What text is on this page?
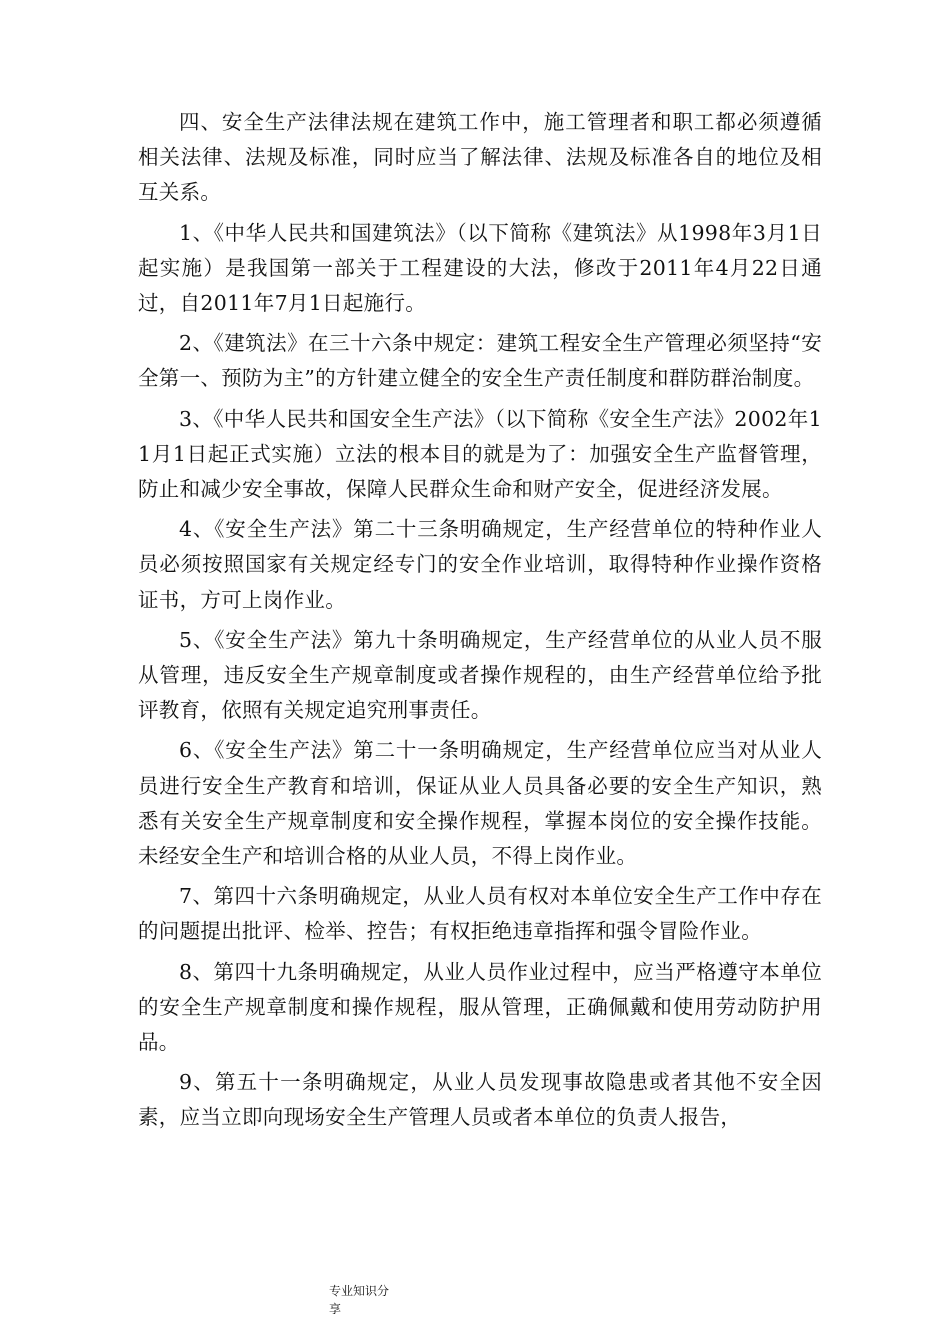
四、安全生产法律法规在建筑工作中，施工管理者和职工都必须遵循相关法律、法规及标准，同时应当了解法律、法规及标准各自的地位及相互关系。

1、《中华人民共和国建筑法》（以下简称《建筑法》从1998年3月1日起实施）是我国第一部关于工程建设的大法，修改于2011年4月22日通过，自2011年7月1日起施行。

2、《建筑法》在三十六条中规定：建筑工程安全生产管理必须坚持“安全第一、预防为主”的方针建立健全的安全生产责任制度和群防群治制度。

3、《中华人民共和国安全生产法》（以下简称《安全生产法》2002年11月1日起正式实施）立法的根本目的就是为了：加强安全生产监督管理，防止和减少安全事故，保障人民群众生命和财产安全，促进经济发展。

4、《安全生产法》第二十三条明确规定，生产经营单位的特种作业人员必须按照国家有关规定经专门的安全作业培训，取得特种作业操作资格证书，方可上岗作业。

5、《安全生产法》第九十条明确规定，生产经营单位的从业人员不服从管理，违反安全生产规章制度或者操作规程的，由生产经营单位给予批评教育，依照有关规定追究刑事责任。

6、《安全生产法》第二十一条明确规定，生产经营单位应当对从业人员进行安全生产教育和培训，保证从业人员具备必要的安全生产知识，熟悉有关安全生产规章制度和安全操作规程，掌握本岗位的安全操作技能。未经安全生产和培训合格的从业人员，不得上岗作业。

7、第四十六条明确规定，从业人员有权对本单位安全生产工作中存在的问题提出批评、检举、控告；有权拒绝违章指挥和强令冒险作业。

8、第四十九条明确规定，从业人员作业过程中，应当严格遵守本单位的安全生产规章制度和操作规程，服从管理，正确佩戴和使用劳动防护用品。

9、第五十一条明确规定，从业人员发现事故隐患或者其他不安全因素，应当立即向现场安全生产管理人员或者本单位的负责人报告，

专业知识分享
